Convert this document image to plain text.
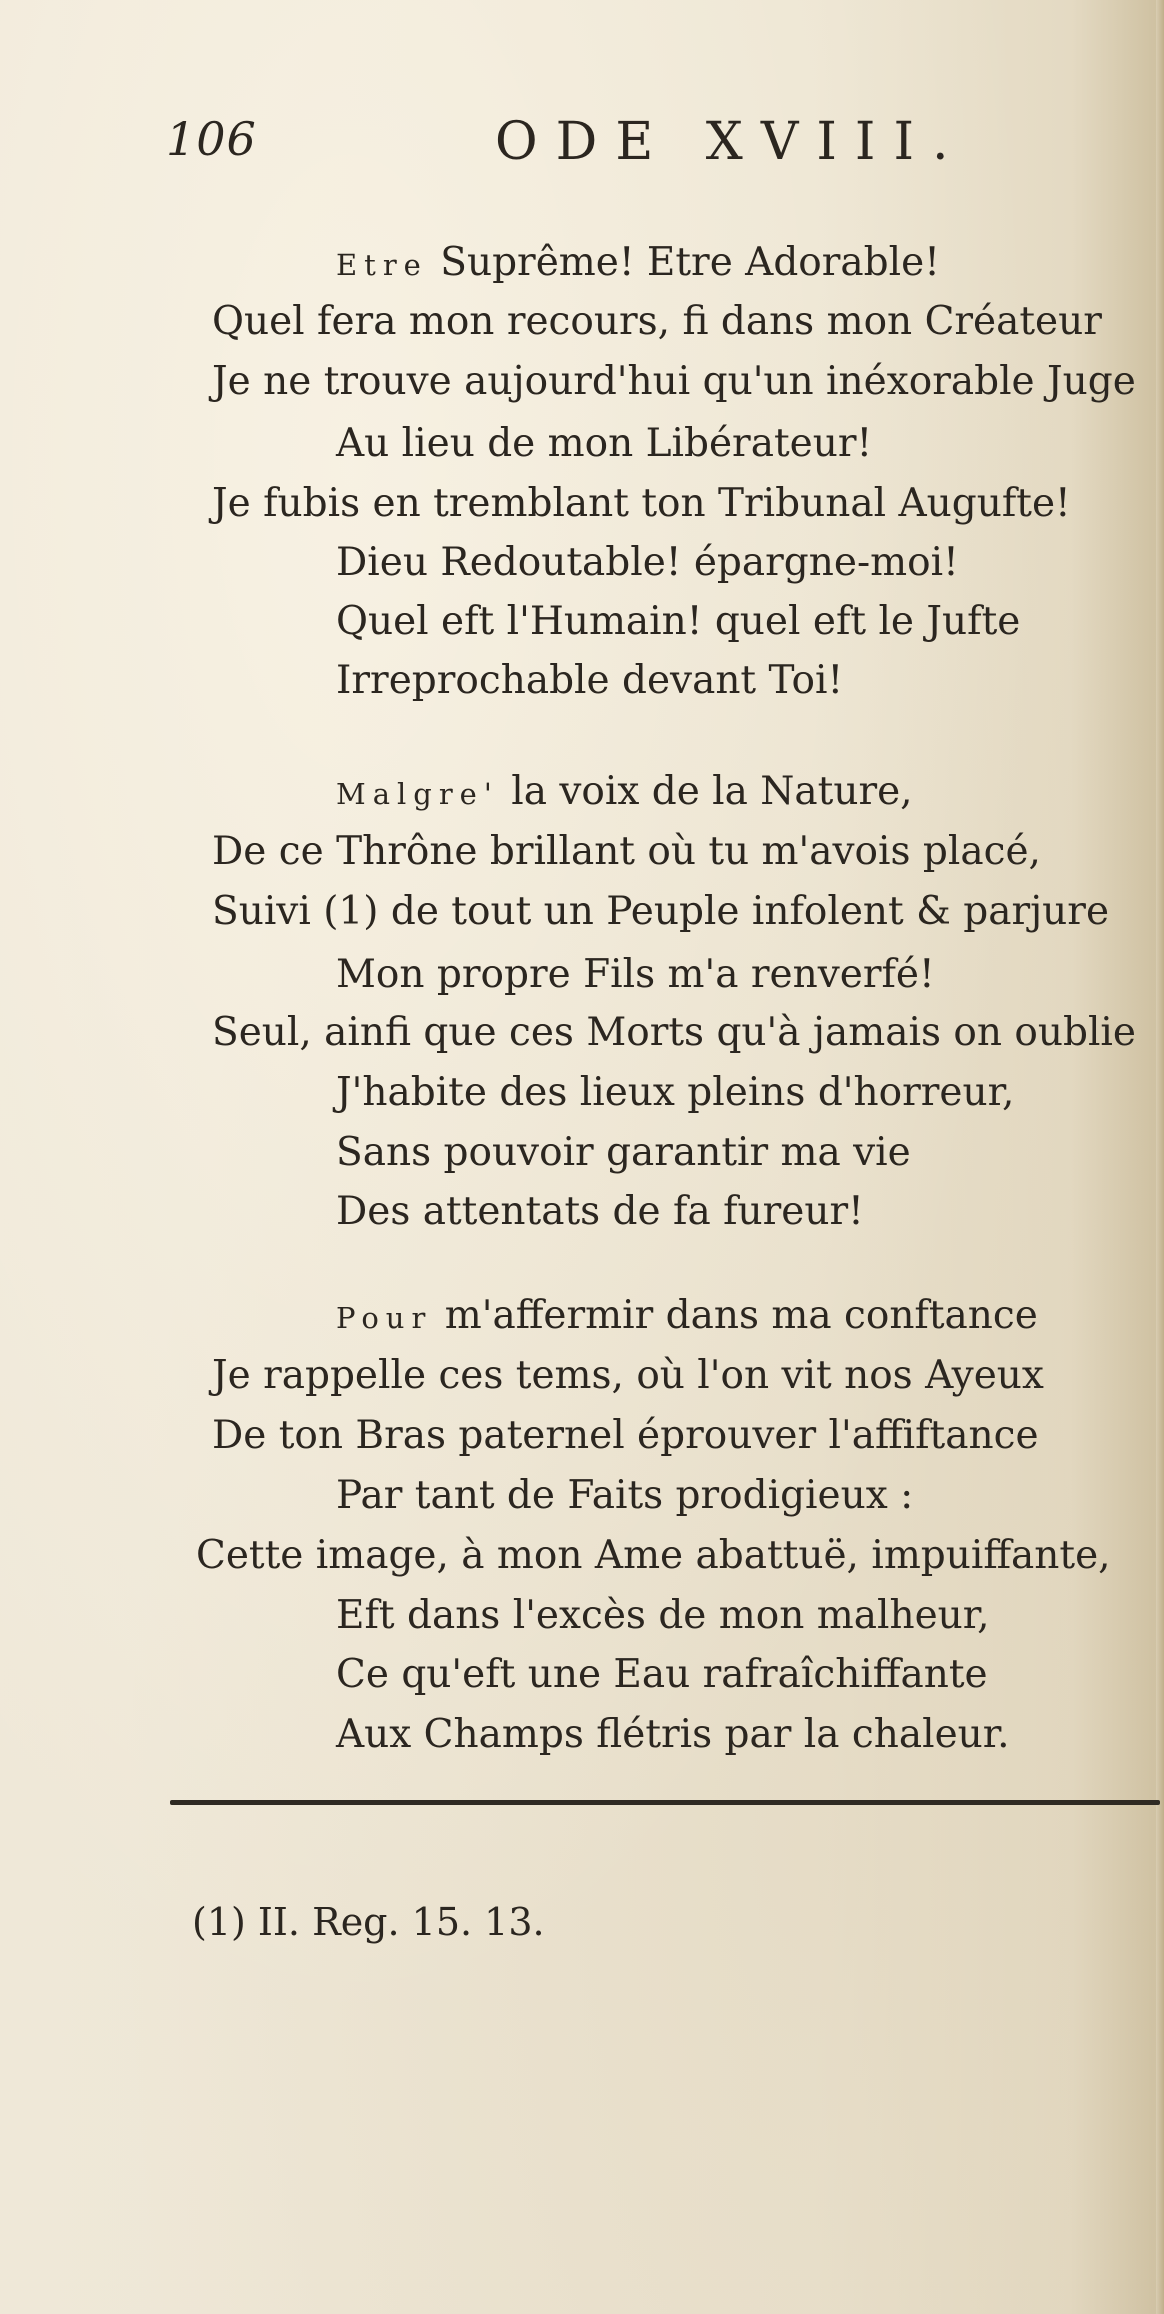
106	ODE XVIII.
Etre Suprême! Etre Adorable!
Quel fera mon recours, fi dans mon Créateur
Je ne trouve aujourd'hui qu'un inéxorable Juge
Au lieu de mon Libérateur!
Je fubis en tremblant ton Tribunal Augufte!
Dieu Redoutable! épargne-moi!
Quel eft l'Humain! quel eft le Jufte
Irreprochable devant Toi!
Malgre' la voix de la Nature,
De ce Thrône brillant où tu m'avois placé,
Suivi (1) de tout un Peuple infolent & parjure
Mon propre Fils m'a renverfé!
Seul, ainfi que ces Morts qu'à jamais on oublie
J'habite des lieux pleins d'horreur,
Sans pouvoir garantir ma vie
Des attentats de fa fureur!
Pour m'affermir dans ma conftance
Je rappelle ces tems, où l'on vit nos Ayeux
De ton Bras paternel éprouver l'affiftance
Par tant de Faits prodigieux :
Cette image, à mon Ame abattuë, impuiffante,
Eft dans l'excès de mon malheur,
Ce qu'eft une Eau rafraîchiffante
Aux Champs flétris par la chaleur.
(1) II. Reg. 15. 13.
